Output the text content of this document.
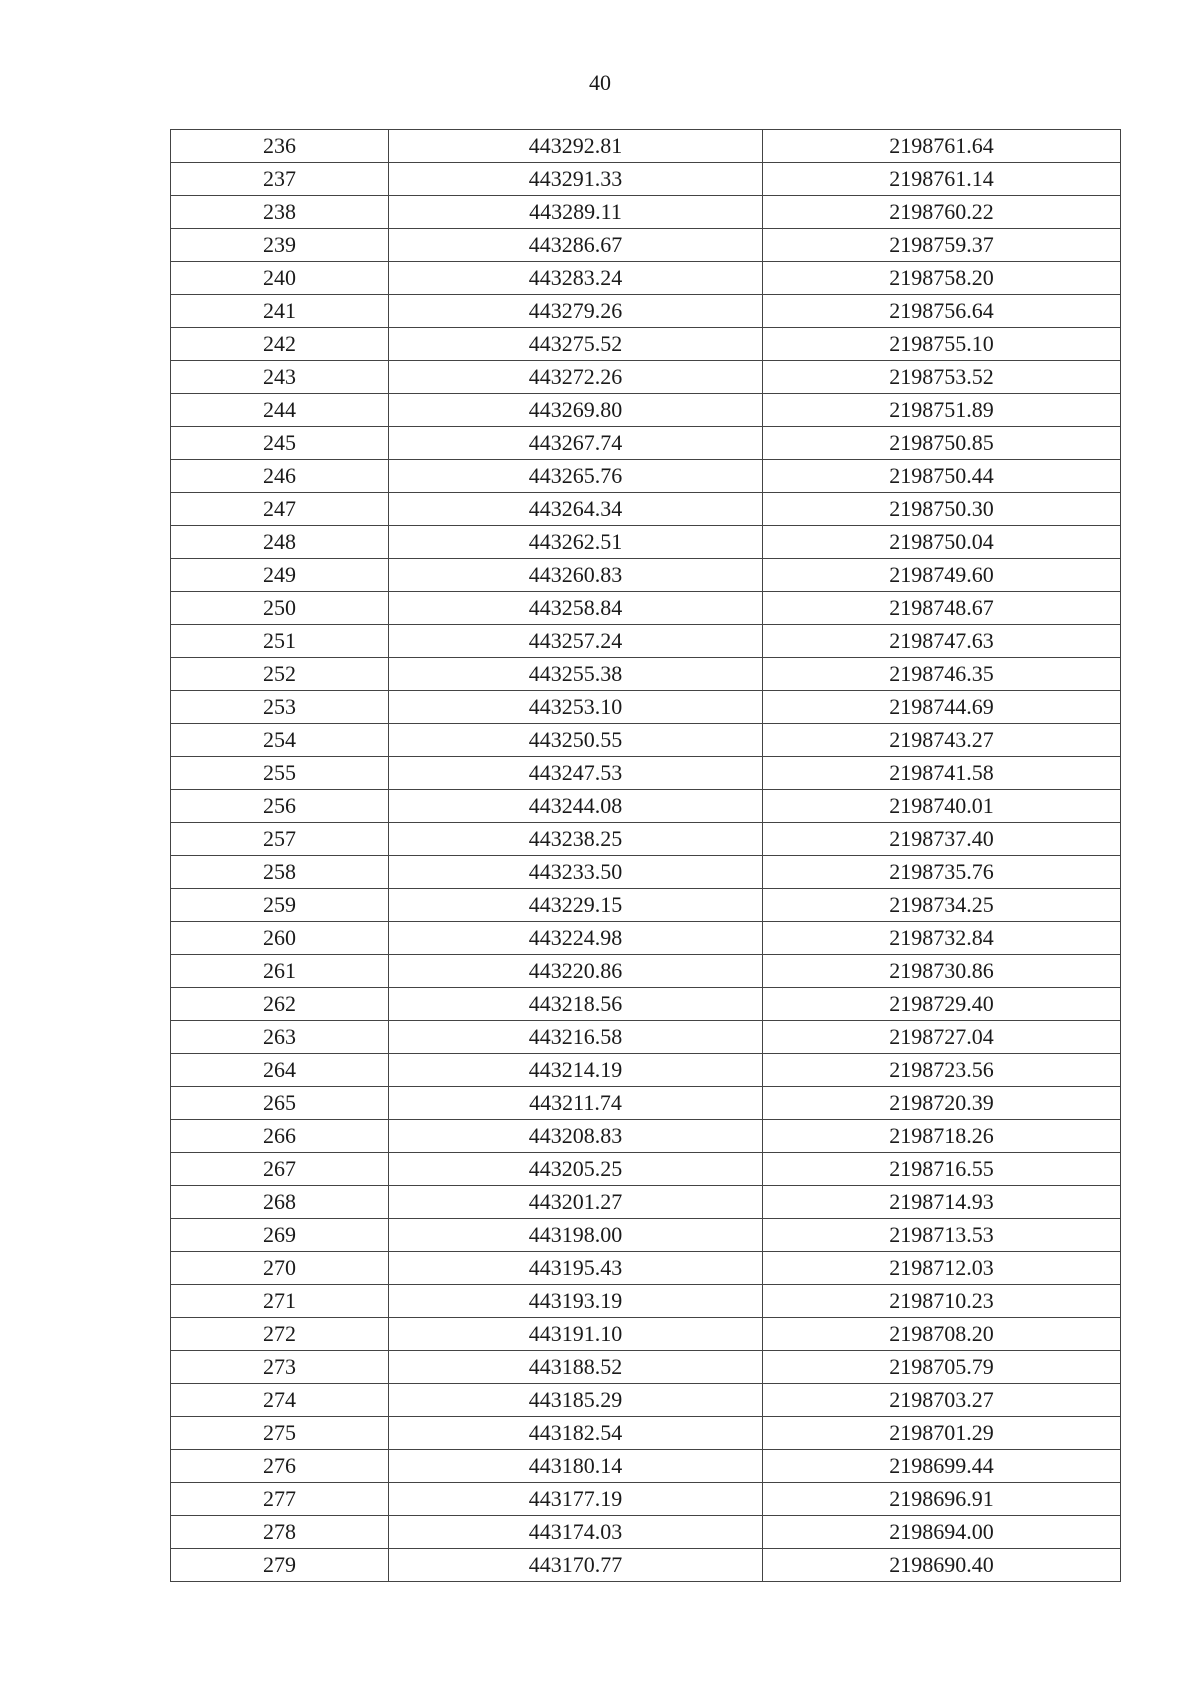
40
236	443292.81	2198761.64
237	443291.33	2198761.14
238	443289.11	2198760.22
239	443286.67	2198759.37
240	443283.24	2198758.20
241	443279.26	2198756.64
242	443275.52	2198755.10
243	443272.26	2198753.52
244	443269.80	2198751.89
245	443267.74	2198750.85
246	443265.76	2198750.44
247	443264.34	2198750.30
248	443262.51	2198750.04
249	443260.83	2198749.60
250	443258.84	2198748.67
251	443257.24	2198747.63
252	443255.38	2198746.35
253	443253.10	2198744.69
254	443250.55	2198743.27
255	443247.53	2198741.58
256	443244.08	2198740.01
257	443238.25	2198737.40
258	443233.50	2198735.76
259	443229.15	2198734.25
260	443224.98	2198732.84
261	443220.86	2198730.86
262	443218.56	2198729.40
263	443216.58	2198727.04
264	443214.19	2198723.56
265	443211.74	2198720.39
266	443208.83	2198718.26
267	443205.25	2198716.55
268	443201.27	2198714.93
269	443198.00	2198713.53
270	443195.43	2198712.03
271	443193.19	2198710.23
272	443191.10	2198708.20
273	443188.52	2198705.79
274	443185.29	2198703.27
275	443182.54	2198701.29
276	443180.14	2198699.44
277	443177.19	2198696.91
278	443174.03	2198694.00
279	443170.77	2198690.40
